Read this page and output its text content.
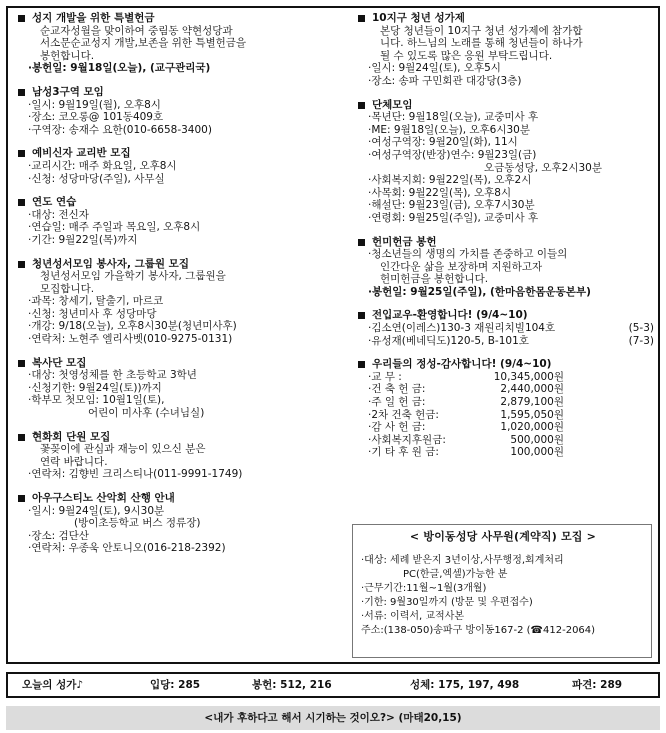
성지 개발을 위한 특별헌금
순교자성월을 맞이하여 중림동 약현성당과
서소문순교성지 개발,보존을 위한 특별헌금을
봉헌합니다.
·봉헌일: 9월18일(오늘), (교구관리국)
남성3구역 모임
·일시: 9월19일(월), 오후8시
·장소: 코오롱@ 101동409호
·구역장: 송재수 요한(010-6658-3400)
예비신자 교리반 모집
·교리시간: 매주 화요일, 오후8시
·신청: 성당마당(주일), 사무실
연도 연습
·대상: 전신자
·연습일: 매주 주일과 목요일, 오후8시
·기간: 9월22일(목)까지
청년성서모임 봉사자, 그룹원 모집
청년성서모임 가을학기 봉사자, 그룹원을
모집합니다.
·과목: 창세기, 탈출기, 마르코
·신청: 청년미사 후 성당마당
·개강: 9/18(오늘), 오후8시30분(청년미사후)
·연락처: 노현주 엘리사벳(010-9275-0131)
복사단 모집
·대상: 첫영성체를 한 초등학교 3학년
·신청기한: 9월24일(토))까지
·학부모 첫모임: 10월1일(토),
어린이 미사후 (수녀님실)
현화회 단원 모집
꽃꽂이에 관심과 재능이 있으신 분은
연락 바랍니다.
·연락처: 김향빈 크리스티나(011-9991-1749)
아우구스티노 산악회 산행 안내
·일시: 9월24일(토), 9시30분
(방이초등학교 버스 정류장)
·장소: 검단산
·연락처: 우종욱 안토니오(016-218-2392)
10지구 청년 성가제
본당 청년들이 10지구 청년 성가제에 참가합
니다. 하느님의 노래를 통해 청년들이 하나가
될 수 있도록 많은 응원 부탁드립니다.
·일시: 9월24일(토), 오후5시
·장소: 송파 구민회관 대강당(3층)
단체모임
·목년단: 9월18일(오늘), 교중미사 후
·ME: 9월18일(오늘), 오후6시30분
·여성구역장: 9월20일(화), 11시
·여성구역장(반장)연수: 9월23일(금)
오금동성당, 오후2시30분
·사회복지회: 9월22일(목), 오후2시
·사목회: 9월22일(목), 오후8시
·해설단: 9월23일(금), 오후7시30분
·연령회: 9월25일(주일), 교중미사 후
헌미헌금 봉헌
·청소년들의 생명의 가치를 존중하고 이들의
인간다운 삶을 보장하며 지원하고자
헌미헌금을 봉헌합니다.
·봉헌일: 9월25일(주일), (한마음한몸운동본부)
전입교우-환영합니다! (9/4~10)
·김소연(이레스)130-3 재원리치빌104호	(5-3)
·유성재(베네딕도)120-5, B-101호	(7-3)
우리들의 정성-감사합니다! (9/4~10)
·교 무 :	10,345,000원
·건 축 헌 금:	2,440,000원
·주 일 헌 금:	2,879,100원
·2차 건축 헌금:	1,595,050원
·감 사 헌 금:	1,020,000원
·사회복지후원금:	500,000원
·기 타 후 원 금:	100,000원
< 방이동성당 사무원(계약직) 모집 >
·대상: 세례 받은지 3년이상,사무행정,회계처리
PC(한글,엑셀)가능한 분
·근무기간:11월~1월(3개월)
·기한: 9월30일까지 (방문 및 우편접수)
·서류: 이력서, 교적사본
주소:(138-050)송파구 방이동167-2 (☎412-2064)
오늘의 성가♪	입당: 285	봉헌: 512, 216	성체: 175, 197, 498	파견: 289
<내가 후하다고 해서 시기하는 것이오?> (마태20,15)
